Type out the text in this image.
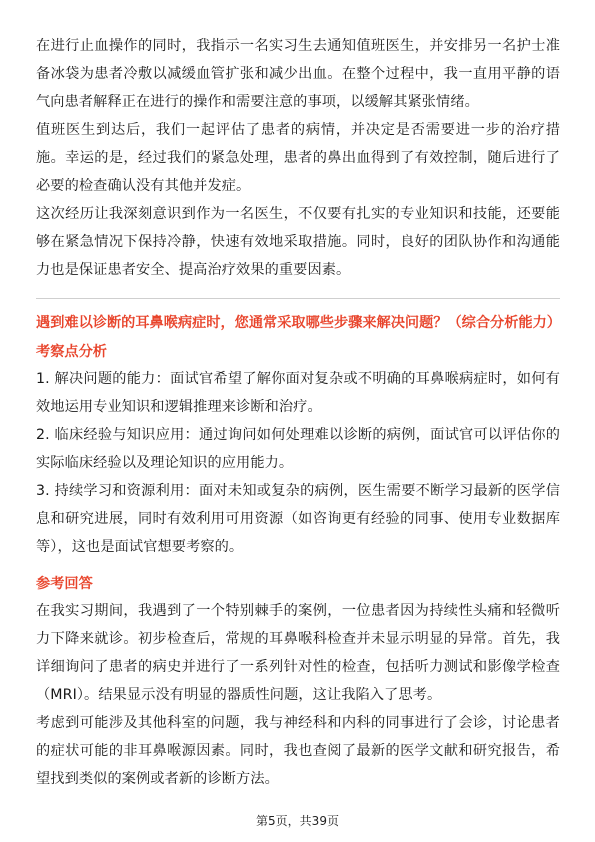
在进行止血操作的同时，我指示一名实习生去通知值班医生，并安排另一名护士准备冰袋为患者冷敷以减缓血管扩张和减少出血。在整个过程中，我一直用平静的语气向患者解释正在进行的操作和需要注意的事项，以缓解其紧张情绪。

值班医生到达后，我们一起评估了患者的病情，并决定是否需要进一步的治疗措施。幸运的是，经过我们的紧急处理，患者的鼻出血得到了有效控制，随后进行了必要的检查确认没有其他并发症。

这次经历让我深刻意识到作为一名医生，不仅要有扎实的专业知识和技能，还要能够在紧急情况下保持冷静，快速有效地采取措施。同时，良好的团队协作和沟通能力也是保证患者安全、提高治疗效果的重要因素。

遇到难以诊断的耳鼻喉病症时，您通常采取哪些步骤来解决问题？（综合分析能力）
考察点分析

1. 解决问题的能力：面试官希望了解你面对复杂或不明确的耳鼻喉病症时，如何有效地运用专业知识和逻辑推理来诊断和治疗。

2. 临床经验与知识应用：通过询问如何处理难以诊断的病例，面试官可以评估你的实际临床经验以及理论知识的应用能力。

3. 持续学习和资源利用：面对未知或复杂的病例，医生需要不断学习最新的医学信息和研究进展，同时有效利用可用资源（如咨询更有经验的同事、使用专业数据库等），这也是面试官想要考察的。

参考回答

在我实习期间，我遇到了一个特别棘手的案例，一位患者因为持续性头痛和轻微听力下降来就诊。初步检查后，常规的耳鼻喉科检查并未显示明显的异常。首先，我详细询问了患者的病史并进行了一系列针对性的检查，包括听力测试和影像学检查（MRI）。结果显示没有明显的器质性问题，这让我陷入了思考。

考虑到可能涉及其他科室的问题，我与神经科和内科的同事进行了会诊，讨论患者的症状可能的非耳鼻喉源因素。同时，我也查阅了最新的医学文献和研究报告，希望找到类似的案例或者新的诊断方法。

第5页，共39页
